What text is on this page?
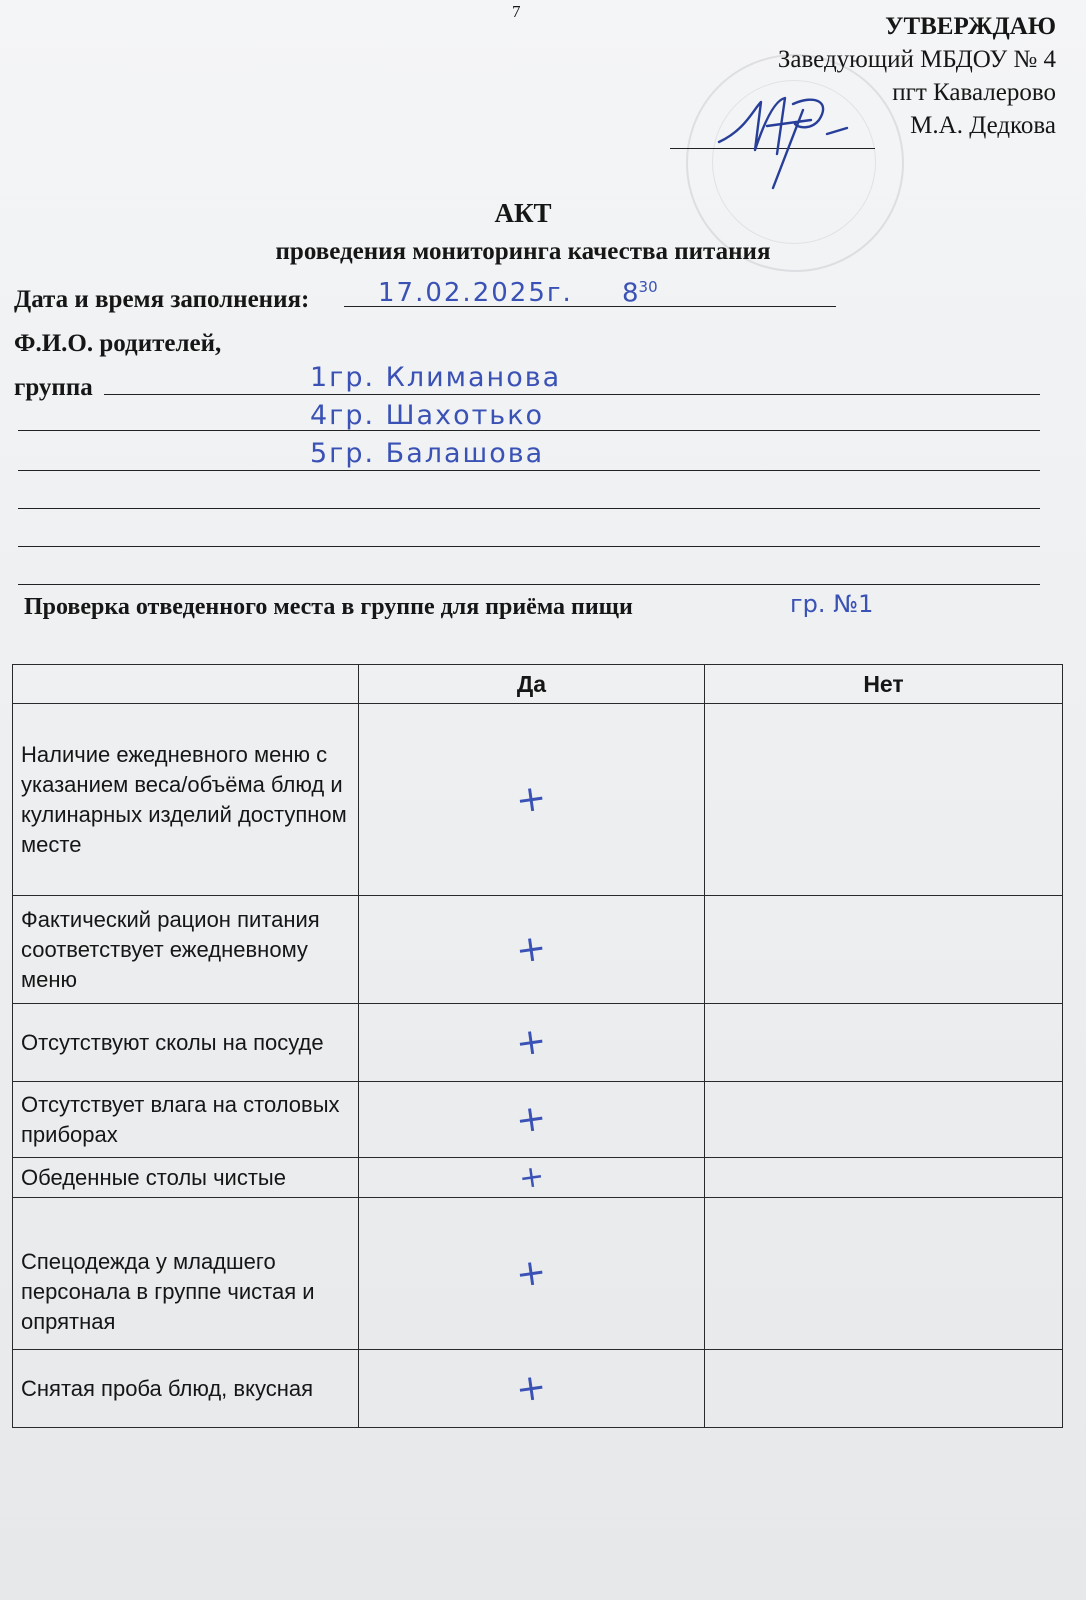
7
УТВЕРЖДАЮ
Заведующий МБДОУ № 4
пгт Кавалерово
М.А. Дедкова
АКТ
проведения мониторинга качества питания
Дата и время заполнения:	17.02.2025г. $8^{30}$
Ф.И.О. родителей,
группа	1гр. Климанова
4гр. Шахотько
5гр. Балашова
Проверка отведенного места в группе для приёма пищи	гр. №1
	Да	Нет
Наличие ежедневного меню с указанием веса/объёма блюд и кулинарных изделий доступном месте	+	
Фактический рацион питания соответствует ежедневному меню	+	
Отсутствуют сколы на посуде	+	
Отсутствует влага на столовых приборах	+	
Обеденные столы чистые	+	
Спецодежда у младшего персонала в группе чистая и опрятная	+	
Снятая проба блюд, вкусная	+	
